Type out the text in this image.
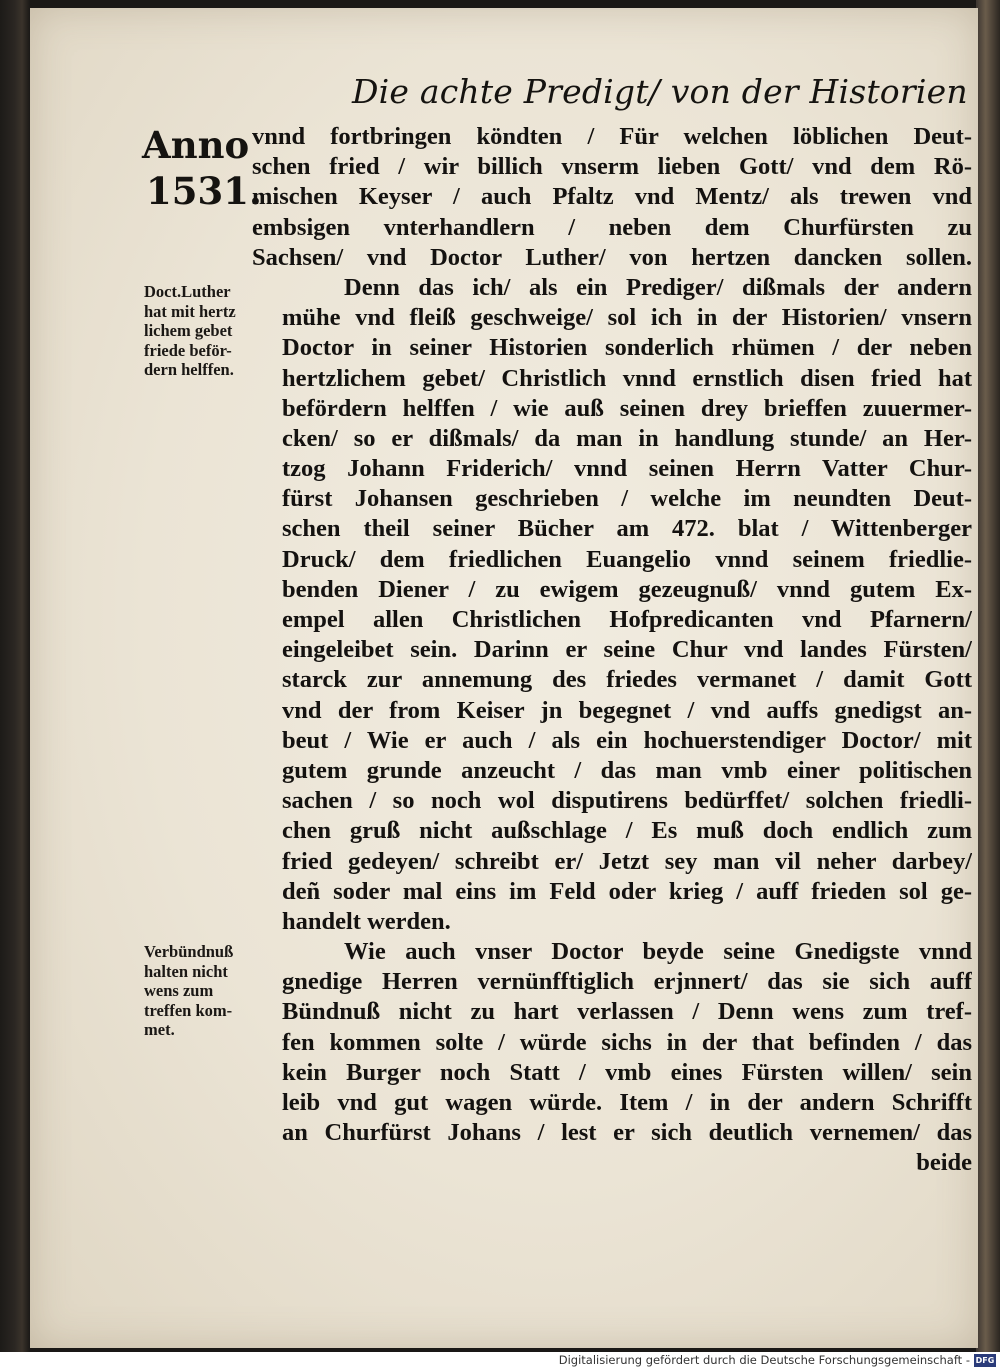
Die achte Predigt/ von der Historien
Anno
1531.
Doct.Luther
hat mit hertz
lichem gebet
friede beför-
dern helffen.
Verbündnuß
halten nicht
wens zum
treffen kom-
met.
vnnd fortbringen köndten / Für welchen löblichen Deut-
schen fried / wir billich vnserm lieben Gott/ vnd dem Rö-
mischen Keyser / auch Pfaltz vnd Mentz/ als trewen vnd
embsigen vnterhandlern / neben dem Churfürsten zu
Sachsen/ vnd Doctor Luther/ von hertzen dancken sollen.
Denn das ich/ als ein Prediger/ dißmals der andern
mühe vnd fleiß geschweige/ sol ich in der Historien/ vnsern
Doctor in seiner Historien sonderlich rhümen / der neben
hertzlichem gebet/ Christlich vnnd ernstlich disen fried hat
befördern helffen / wie auß seinen drey brieffen zuuermer-
cken/ so er dißmals/ da man in handlung stunde/ an Her-
tzog Johann Friderich/ vnnd seinen Herrn Vatter Chur-
fürst Johansen geschrieben / welche im neundten Deut-
schen theil seiner Bücher am 472. blat / Wittenberger
Druck/ dem friedlichen Euangelio vnnd seinem friedlie-
benden Diener / zu ewigem gezeugnuß/ vnnd gutem Ex-
empel allen Christlichen Hofpredicanten vnd Pfarnern/
eingeleibet sein. Darinn er seine Chur vnd landes Fürsten/
starck zur annemung des friedes vermanet / damit Gott
vnd der from Keiser jn begegnet / vnd auffs gnedigst an-
beut / Wie er auch / als ein hochuerstendiger Doctor/ mit
gutem grunde anzeucht / das man vmb einer politischen
sachen / so noch wol disputirens bedürffet/ solchen friedli-
chen gruß nicht außschlage / Es muß doch endlich zum
fried gedeyen/ schreibt er/ Jetzt sey man vil neher darbey/
deñ soder mal eins im Feld oder krieg / auff frieden sol ge-
handelt werden.
Wie auch vnser Doctor beyde seine Gnedigste vnnd
gnedige Herren vernünfftiglich erjnnert/ das sie sich auff
Bündnuß nicht zu hart verlassen / Denn wens zum tref-
fen kommen solte / würde sichs in der that befinden / das
kein Burger noch Statt / vmb eines Fürsten willen/ sein
leib vnd gut wagen würde. Item / in der andern Schrifft
an Churfürst Johans / lest er sich deutlich vernemen/ das
beide
Digitalisierung gefördert durch die Deutsche Forschungsgemeinschaft - DFG
